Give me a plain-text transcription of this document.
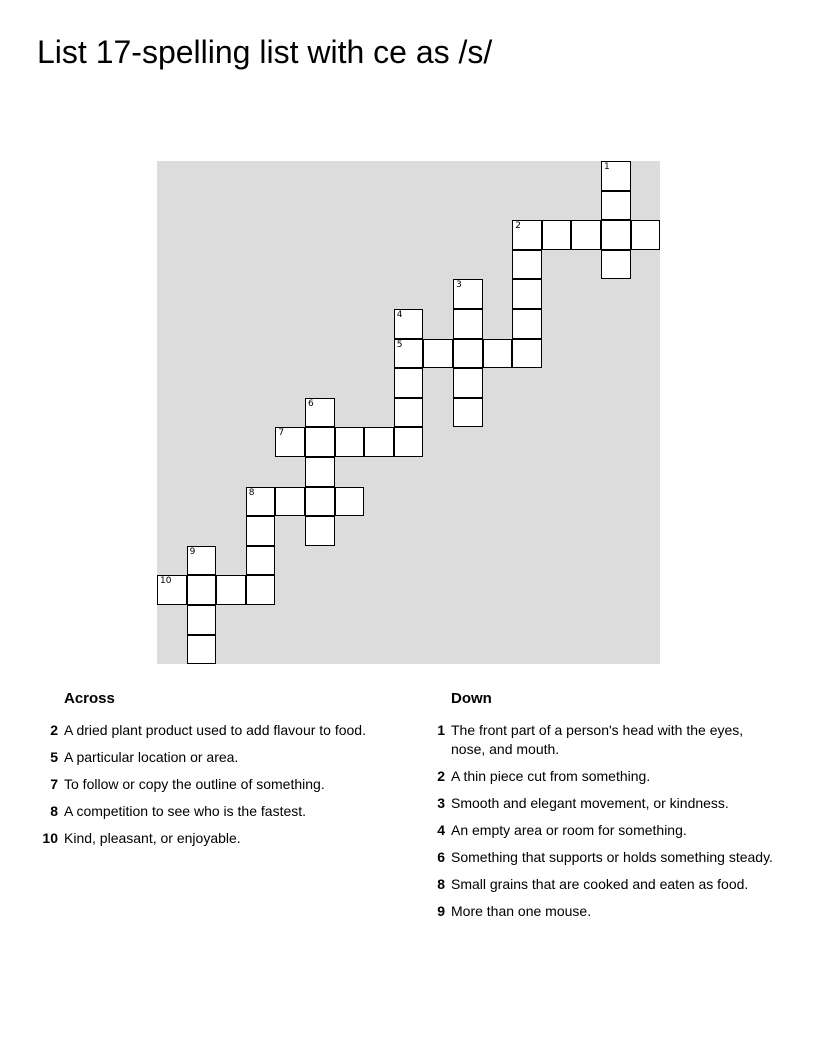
List 17-spelling list with ce as /s/
1
2
3
4
5
6
7
8
9
10
Across
2 A dried plant product used to add flavour to food.
5 A particular location or area.
7 To follow or copy the outline of something.
8 A competition to see who is the fastest.
10 Kind, pleasant, or enjoyable.
Down
1 The front part of a person's head with the eyes, nose, and mouth.
2 A thin piece cut from something.
3 Smooth and elegant movement, or kindness.
4 An empty area or room for something.
6 Something that supports or holds something steady.
8 Small grains that are cooked and eaten as food.
9 More than one mouse.
